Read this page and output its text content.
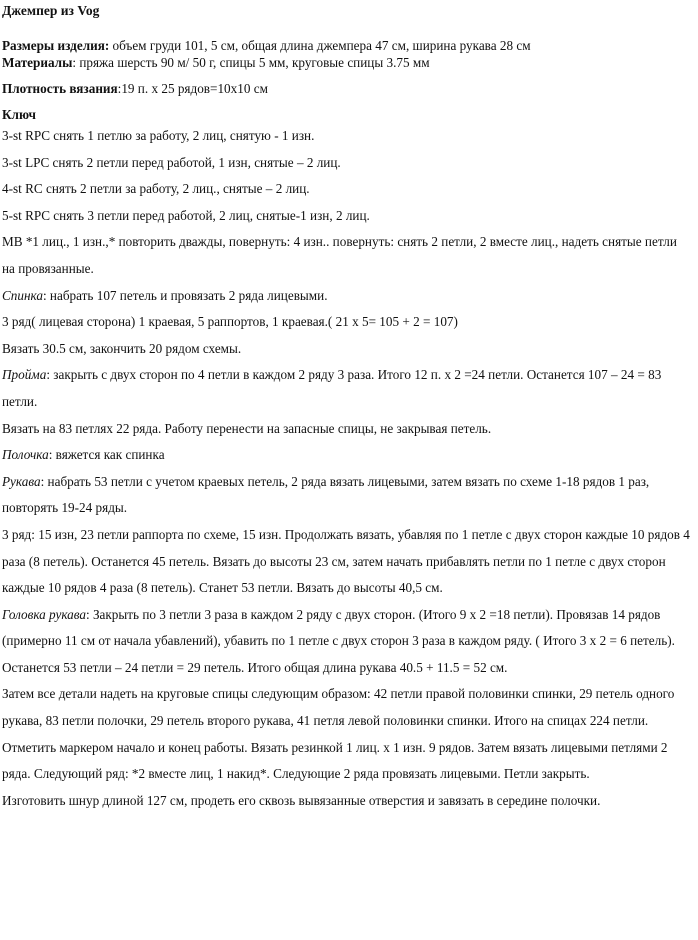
Джемпер из Vog

Размеры изделия: объем груди 101, 5 см, общая длина джемпера 47 см, ширина рукава 28 см

Материалы: пряжа шерсть 90 м/ 50 г, спицы 5 мм, круговые спицы 3.75 мм

Плотность вязания:19 п. х 25 рядов=10х10 см

Ключ

3-st RPC снять 1 петлю за работу, 2 лиц, снятую - 1 изн.

3-st LPC снять 2 петли перед работой, 1 изн, снятые – 2 лиц.

4-st RC снять 2 петли за работу, 2 лиц., снятые – 2 лиц.

5-st RPC снять 3 петли перед работой, 2 лиц, снятые-1 изн, 2 лиц.

MB *1 лиц., 1 изн.,* повторить дважды, повернуть: 4 изн.. повернуть: снять 2 петли, 2 вместе лиц., надеть снятые петли на провязанные.

Спинка: набрать 107 петель и провязать 2 ряда лицевыми.

3 ряд( лицевая сторона) 1 краевая, 5 раппортов, 1 краевая.( 21 х 5= 105 + 2 = 107)

Вязать 30.5 см, закончить 20 рядом схемы.

Пройма: закрыть с двух сторон по 4 петли в каждом 2 ряду 3 раза. Итого 12 п. х 2 =24 петли. Останется 107 – 24 = 83 петли.

Вязать на 83 петлях 22 ряда. Работу перенести на запасные спицы, не закрывая петель.

Полочка: вяжется как спинка

Рукава: набрать 53 петли с учетом краевых петель, 2 ряда вязать лицевыми, затем вязать по схеме 1-18 рядов 1 раз, повторять 19-24 ряды.

3 ряд: 15 изн, 23 петли раппорта по схеме, 15 изн. Продолжать вязать, убавляя по 1 петле с двух сторон каждые 10 рядов 4 раза (8 петель). Останется 45 петель. Вязать до высоты 23 см, затем начать прибавлять петли по 1 петле с двух сторон каждые 10 рядов 4 раза (8 петель). Станет 53 петли. Вязать до высоты 40,5 см.

Головка рукава: Закрыть по 3 петли 3 раза в каждом 2 ряду с двух сторон. (Итого 9 х 2 =18 петли). Провязав 14 рядов (примерно 11 см от начала убавлений), убавить по 1 петле с двух сторон 3 раза в каждом ряду. ( Итого 3 х 2 = 6 петель). Останется 53 петли – 24 петли = 29 петель. Итого общая длина рукава 40.5 + 11.5 = 52 см.

Затем все детали надеть на круговые спицы следующим образом: 42 петли правой половинки спинки, 29 петель одного рукава, 83 петли полочки, 29 петель второго рукава, 41 петля левой половинки спинки. Итого на спицах 224 петли. Отметить маркером начало и конец работы. Вязать резинкой 1 лиц. х 1 изн. 9 рядов. Затем вязать лицевыми петлями 2 ряда. Следующий ряд: *2 вместе лиц, 1 накид*. Следующие 2 ряда провязать лицевыми. Петли закрыть.

Изготовить шнур длиной 127 см, продеть его сквозь вывязанные отверстия и завязать в середине полочки.
